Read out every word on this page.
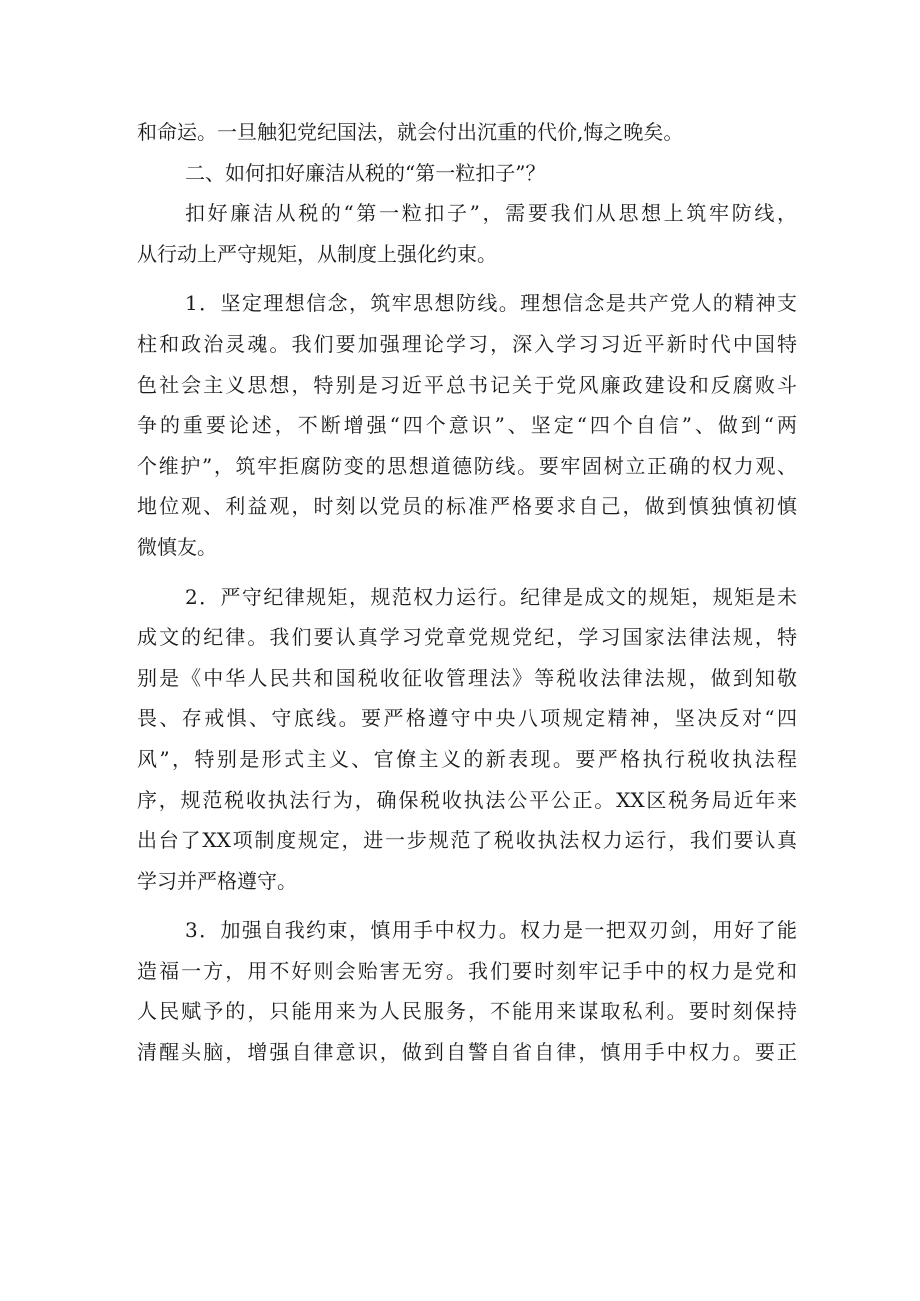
和命运。一旦触犯党纪国法，就会付出沉重的代价,悔之晚矣。
二、如何扣好廉洁从税的“第一粒扣子”？
扣好廉洁从税的“第一粒扣子”，需要我们从思想上筑牢防线，
从行动上严守规矩，从制度上强化约束。
1．坚定理想信念，筑牢思想防线。理想信念是共产党人的精神支
柱和政治灵魂。我们要加强理论学习，深入学习习近平新时代中国特
色社会主义思想，特别是习近平总书记关于党风廉政建设和反腐败斗
争的重要论述，不断增强“四个意识”、坚定“四个自信”、做到“两
个维护”，筑牢拒腐防变的思想道德防线。要牢固树立正确的权力观、
地位观、利益观，时刻以党员的标准严格要求自己，做到慎独慎初慎
微慎友。
2．严守纪律规矩，规范权力运行。纪律是成文的规矩，规矩是未
成文的纪律。我们要认真学习党章党规党纪，学习国家法律法规，特
别是《中华人民共和国税收征收管理法》等税收法律法规，做到知敬
畏、存戒惧、守底线。要严格遵守中央八项规定精神，坚决反对“四
风”，特别是形式主义、官僚主义的新表现。要严格执行税收执法程
序，规范税收执法行为，确保税收执法公平公正。XX区税务局近年来
出台了XX项制度规定，进一步规范了税收执法权力运行，我们要认真
学习并严格遵守。
3．加强自我约束，慎用手中权力。权力是一把双刃剑，用好了能
造福一方，用不好则会贻害无穷。我们要时刻牢记手中的权力是党和
人民赋予的，只能用来为人民服务，不能用来谋取私利。要时刻保持
清醒头脑，增强自律意识，做到自警自省自律，慎用手中权力。要正
